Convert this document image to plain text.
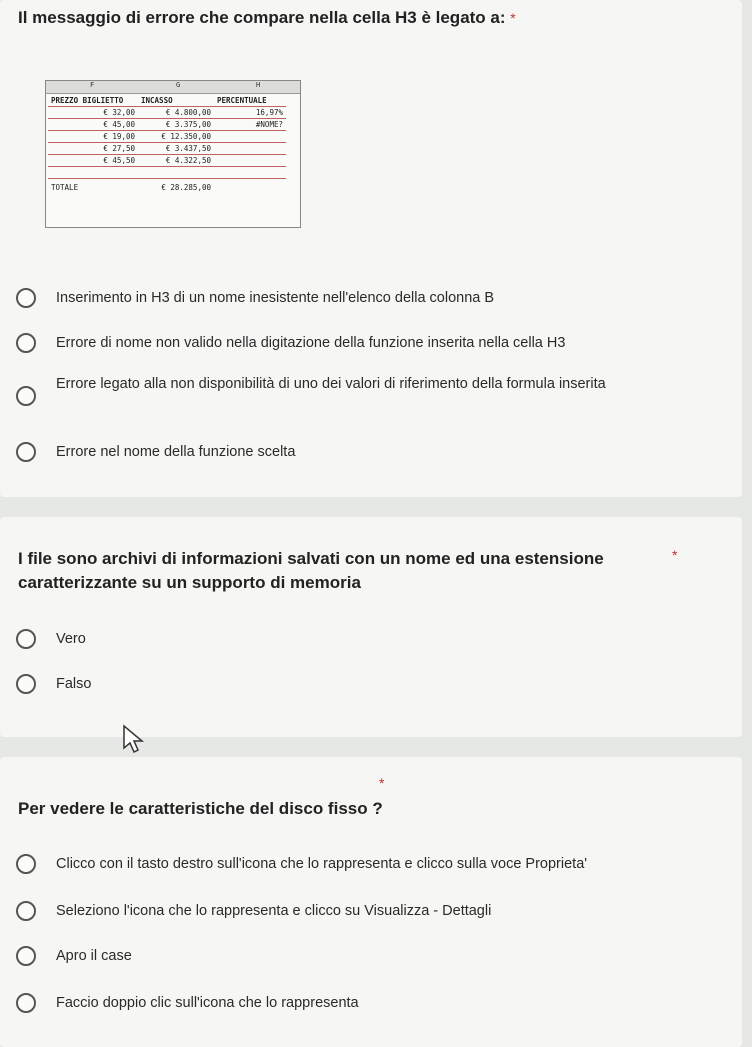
Il messaggio di errore che compare nella cella H3 è legato a: *
F	G	H
PREZZO BIGLIETTO	INCASSO	PERCENTUALE
€ 32,00	€ 4.800,00	16,97%
€ 45,00	€ 3.375,00	#NOME?
€ 19,00	€ 12.350,00	
€ 27,50	€ 3.437,50	
€ 45,50	€ 4.322,50	

TOTALE	€ 28.285,00	
Inserimento in H3 di un nome inesistente nell'elenco della colonna B
Errore di nome non valido nella digitazione della funzione inserita nella cella H3
Errore legato alla non disponibilità di uno dei valori di riferimento della formula inserita
Errore nel nome della funzione scelta
I file sono archivi di informazioni salvati con un nome ed una estensione caratterizzante su un supporto di memoria
*
Vero
Falso
*
Per vedere le caratteristiche del disco fisso ?
Clicco con il tasto destro sull'icona che lo rappresenta e clicco sulla voce Proprieta'
Seleziono l'icona che lo rappresenta e clicco su Visualizza - Dettagli
Apro il case
Faccio doppio clic sull'icona che lo rappresenta
